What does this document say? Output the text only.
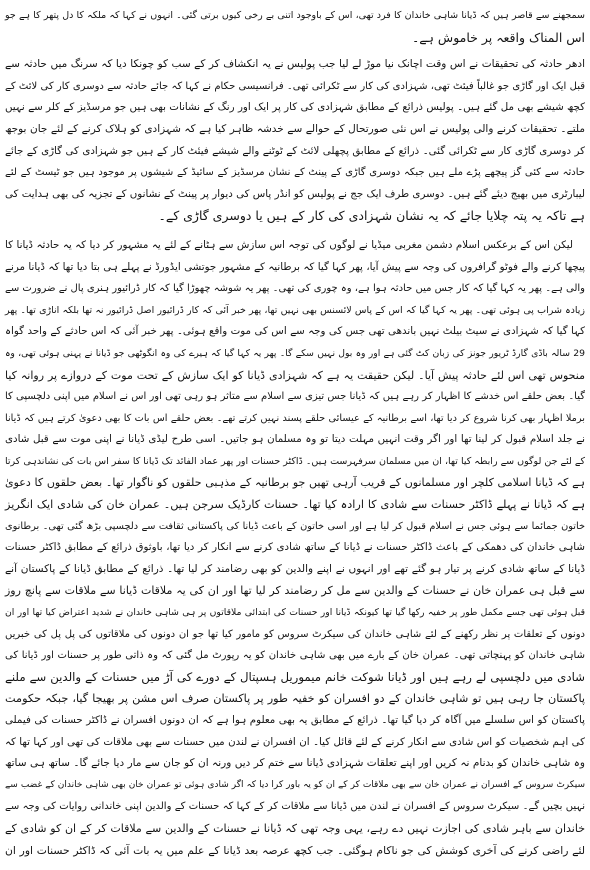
سمجھنے سے قاصر ہیں کہ ڈیانا شاہی خاندان کا فرد تھی، اس کے باوجود اتنی بے رخی کیوں برتی گئی۔ انہوں نے کہا کہ ملکہ کا دل پتھر کا ہے جو
اس المناک واقعہ پر خاموش ہے۔
ادھر حادثہ کی تحقیقات نے اس وقت اچانک نیا موڑ لے لیا جب پولیس نے یہ انکشاف کر کے سب کو چونکا دیا کہ سرنگ میں حادثہ سے
قبل ایک اور گاڑی جو غالباً فیئٹ تھی، شہزادی کی کار سے ٹکرائی تھی۔ فرانسیسی حکام نے کہا کہ جائے حادثہ سے دوسری کار کی لائٹ کے
کچھ شیشے بھی مل گئے ہیں۔ پولیس ذرائع کے مطابق شہزادی کی کار پر ایک اور رنگ کے نشانات بھی ہیں جو مرسڈیز کے کلر سے نہیں
ملتے۔ تحقیقات کرنے والی پولیس نے اس نئی صورتحال کے حوالے سے خدشہ ظاہر کیا ہے کہ شہزادی کو ہلاک کرنے کے لئے جان بوجھ
کر دوسری گاڑی کار سے ٹکرائی گئی۔ ذرائع کے مطابق پچھلی لائٹ کے ٹوٹنے والے شیشے فیئٹ کار کے ہیں جو شہزادی کی گاڑی کے جائے
حادثہ سے کئی گز پیچھے پڑے ملے ہیں جبکہ دوسری گاڑی کے پینٹ کے نشان مرسڈیز کے سائیڈ کے شیشوں پر موجود ہیں جو ٹیسٹ کے لئے
لیبارٹری میں بھیج دیئے گئے ہیں۔ دوسری طرف ایک جج نے پولیس کو انڈر پاس کی دیوار پر پینٹ کے نشانوں کے تجزیہ کی بھی ہدایت کی
ہے تاکہ یہ پتہ چلایا جائے کہ یہ نشان شہزادی کی کار کے ہیں یا دوسری گاڑی کے۔
لیکن اس کے برعکس اسلام دشمن مغربی میڈیا نے لوگوں کی توجہ اس سازش سے ہٹانے کے لئے یہ مشہور کر دیا کہ یہ حادثہ ڈیانا کا
پیچھا کرنے والے فوٹو گرافروں کی وجہ سے پیش آیا، پھر کہا گیا کہ برطانیہ کے مشہور جوتشی ایڈورڈ نے پہلے ہی بتا دیا تھا کہ ڈیانا مرنے
والی ہے۔ پھر یہ کہا گیا کہ کار جس میں حادثہ ہوا ہے، وہ چوری کی تھی۔ پھر یہ شوشہ چھوڑا گیا کہ کار ڈرائیور ہنری پال نے ضرورت سے
زیادہ شراب پی ہوئی تھی۔ پھر یہ کہا گیا کہ اس کے پاس لائسنس بھی نہیں تھا، پھر خبر آئی کہ کار ڈرائیور اصل ڈرائیور نہ تھا بلکہ اناڑی تھا۔ پھر
کہا گیا کہ شہزادی نے سیٹ بیلٹ نہیں باندھی تھی جس کی وجہ سے اس کی موت واقع ہوئی۔ پھر خبر آئی کہ اس حادثے کے واحد گواہ
29 سالہ باڈی گارڈ ٹریور جونز کی زبان کٹ گئی ہے اور وہ بول نہیں سکے گا۔ پھر یہ کہا گیا کہ ہیرے کی وہ انگوٹھی جو ڈیانا نے پہنی ہوئی تھی، وہ
منحوس تھی اس لئے حادثہ پیش آیا۔ لیکن حقیقت یہ ہے کہ شہزادی ڈیانا کو ایک سازش کے تحت موت کے دروازے پر روانہ کیا
گیا۔ بعض حلقے اس خدشے کا اظہار کر رہے ہیں کہ ڈیانا جس تیزی سے اسلام سے متاثر ہو رہی تھی اور اس نے اسلام میں اپنی دلچسپی کا
برملا اظہار بھی کرنا شروع کر دیا تھا، اسے برطانیہ کے عیسائی حلقے پسند نہیں کرتے تھے۔ بعض حلقے اس بات کا بھی دعویٰ کرتے ہیں کہ ڈیانا
نے جلد اسلام قبول کر لینا تھا اور اگر وقت انہیں مہلت دیتا تو وہ مسلمان ہو جاتیں۔ اسی طرح لیڈی ڈیانا نے اپنی موت سے قبل شادی
کے لئے جن لوگوں سے رابطہ کیا تھا، ان میں مسلمان سرفہرست ہیں۔ ڈاکٹر حسنات اور پھر عماد الفائد تک ڈیانا کا سفر اس بات کی نشاندہی کرتا
ہے کہ ڈیانا اسلامی کلچر اور مسلمانوں کے قریب آرہی تھیں جو برطانیہ کے مذہبی حلقوں کو ناگوار تھا۔ بعض حلقوں کا دعویٰ
ہے کہ ڈیانا نے پہلے ڈاکٹر حسنات سے شادی کا ارادہ کیا تھا۔ حسنات کارڈیک سرجن ہیں۔ عمران خان کی شادی ایک انگریز
خاتون جمائما سے ہوئی جس نے اسلام قبول کر لیا ہے اور اسی خاتون کے باعث ڈیانا کی پاکستانی ثقافت سے دلچسپی بڑھ گئی تھی۔ برطانوی
شاہی خاندان کی دھمکی کے باعث ڈاکٹر حسنات نے ڈیانا کے ساتھ شادی کرنے سے انکار کر دیا تھا، باوثوق ذرائع کے مطابق ڈاکٹر حسنات
ڈیانا کے ساتھ شادی کرنے پر تیار ہو گئے تھے اور انہوں نے اپنے والدین کو بھی رضامند کر لیا تھا۔ ذرائع کے مطابق ڈیانا کے پاکستان آنے
سے قبل ہی عمران خان نے حسنات کے والدین سے مل کر رضامند کر لیا تھا اور ان کی یہ ملاقات ڈیانا سے ملاقات سے پانچ روز
قبل ہوئی تھی جسے مکمل طور پر خفیہ رکھا گیا تھا کیونکہ ڈیانا اور حسنات کی ابتدائی ملاقاتوں پر ہی شاہی خاندان نے شدید اعتراض کیا تھا اور ان
دونوں کے تعلقات پر نظر رکھنے کے لئے شاہی خاندان کی سیکرٹ سروس کو مامور کیا تھا جو ان دونوں کی ملاقاتوں کی پل پل کی خبریں
شاہی خاندان کو پہنچاتی تھی۔ عمران خان کے بارے میں بھی شاہی خاندان کو یہ رپورٹ مل گئی کہ وہ ذاتی طور پر حسنات اور ڈیانا کی
شادی میں دلچسپی لے رہے ہیں اور ڈیانا شوکت خانم میموریل ہسپتال کے دورے کی آڑ میں حسنات کے والدین سے ملنے
پاکستان جا رہی ہیں تو شاہی خاندان کے دو افسران کو خفیہ طور پر پاکستان صرف اس مشن پر بھیجا گیا، جبکہ حکومت
پاکستان کو اس سلسلے میں آگاہ کر دیا گیا تھا۔ ذرائع کے مطابق یہ بھی معلوم ہوا ہے کہ ان دونوں افسران نے ڈاکٹر حسنات کی فیملی
کی اہم شخصیات کو اس شادی سے انکار کرنے کے لئے قائل کیا۔ ان افسران نے لندن میں حسنات سے بھی ملاقات کی تھی اور کہا تھا کہ
وہ شاہی خاندان کو بدنام نہ کریں اور اپنے تعلقات شہزادی ڈیانا سے ختم کر دیں ورنہ ان کو جان سے مار دیا جائے گا۔ ساتھ ہی ساتھ
سیکرٹ سروس کے افسران نے عمران خان سے بھی ملاقات کر کے ان کو یہ باور کرا دیا کہ اگر شادی ہوئی تو عمران خان بھی شاہی خاندان کے غضب سے
نہیں بچیں گے۔ سیکرٹ سروس کے افسران نے لندن میں ڈیانا سے ملاقات کر کے کہا کہ حسنات کے والدین اپنی خاندانی روایات کی وجہ سے
خاندان سے باہر شادی کی اجازت نہیں دے رہے، یہی وجہ تھی کہ ڈیانا نے حسنات کے والدین سے ملاقات کر کے ان کو شادی کے
لئے راضی کرنے کی آخری کوشش کی جو ناکام ہوگئی۔ جب کچھ عرصہ بعد ڈیانا کے علم میں یہ بات آئی کہ ڈاکٹر حسنات اور ان
